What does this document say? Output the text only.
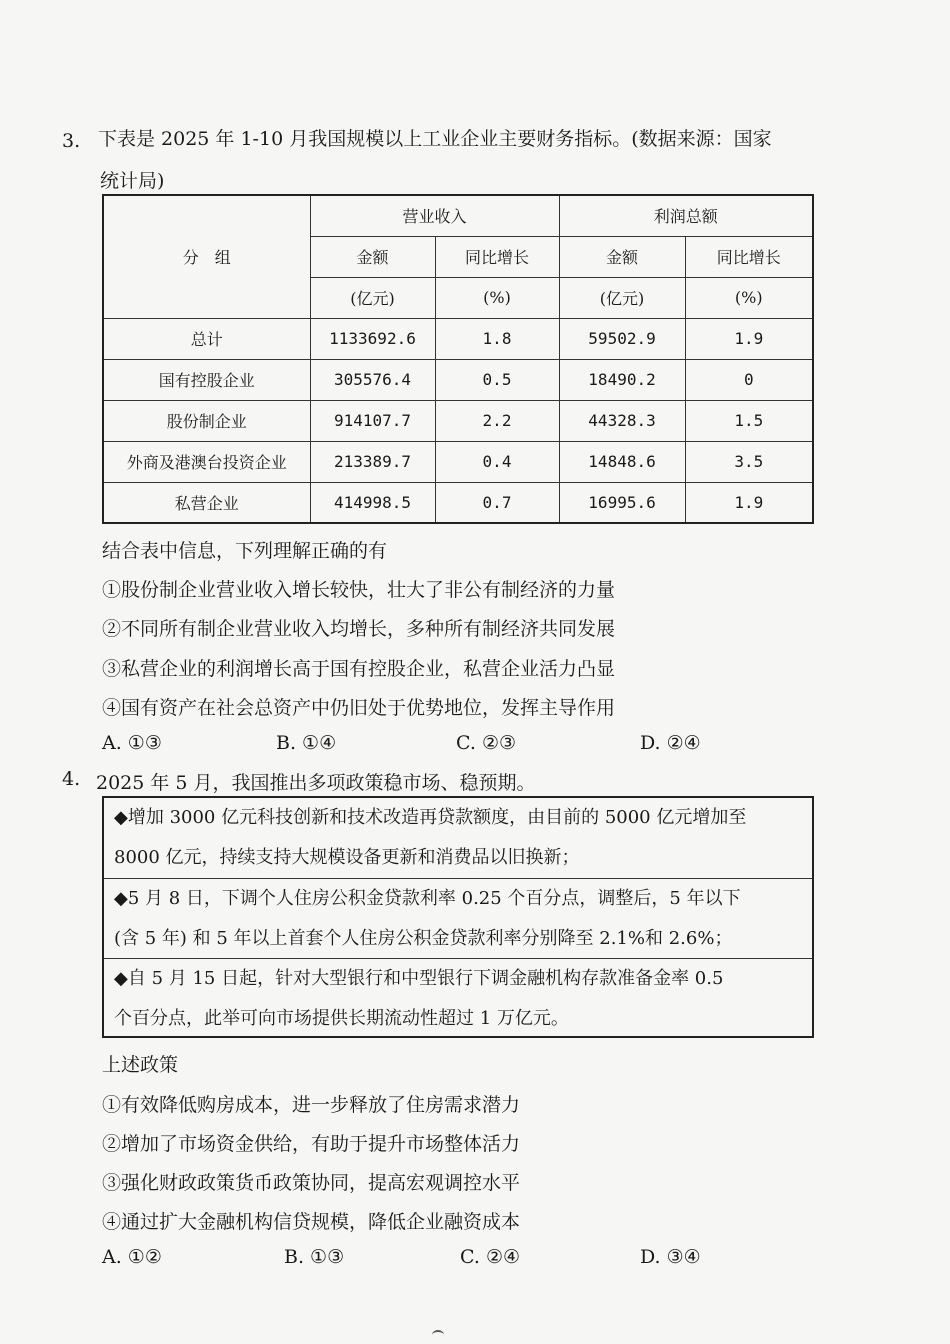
3. 下表是 2025 年 1-10 月我国规模以上工业企业主要财务指标。(数据来源：国家
统计局)
分　组	营业收入		利润总额	
	金额	同比增长	金额	同比增长
	(亿元)	(%)	(亿元)	(%)
总计	1133692.6	1.8	59502.9	1.9
国有控股企业	305576.4	0.5	18490.2	0
股份制企业	914107.7	2.2	44328.3	1.5
外商及港澳台投资企业	213389.7	0.4	14848.6	3.5
私营企业	414998.5	0.7	16995.6	1.9
结合表中信息，下列理解正确的有
①股份制企业营业收入增长较快，壮大了非公有制经济的力量
②不同所有制企业营业收入均增长，多种所有制经济共同发展
③私营企业的利润增长高于国有控股企业，私营企业活力凸显
④国有资产在社会总资产中仍旧处于优势地位，发挥主导作用
A. ①③	B. ①④	C. ②③	D. ②④
4. 2025 年 5 月，我国推出多项政策稳市场、稳预期。
◆增加 3000 亿元科技创新和技术改造再贷款额度，由目前的 5000 亿元增加至
8000 亿元，持续支持大规模设备更新和消费品以旧换新；
◆5 月 8 日，下调个人住房公积金贷款利率 0.25 个百分点，调整后，5 年以下
(含 5 年) 和 5 年以上首套个人住房公积金贷款利率分别降至 2.1%和 2.6%；
◆自 5 月 15 日起，针对大型银行和中型银行下调金融机构存款准备金率 0.5
个百分点，此举可向市场提供长期流动性超过 1 万亿元。
上述政策
①有效降低购房成本，进一步释放了住房需求潜力
②增加了市场资金供给，有助于提升市场整体活力
③强化财政政策货币政策协同，提高宏观调控水平
④通过扩大金融机构信贷规模，降低企业融资成本
A. ①②	B. ①③	C. ②④	D. ③④
